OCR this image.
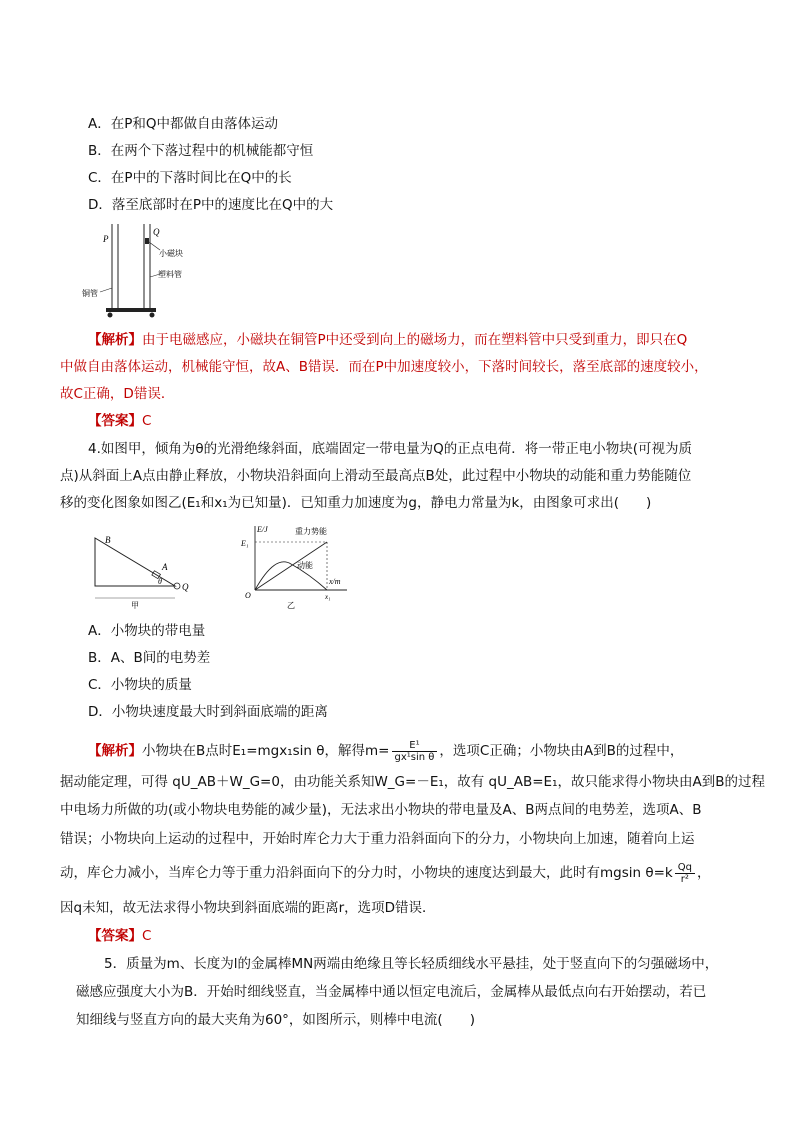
A．在P和Q中都做自由落体运动
B．在两个下落过程中的机械能都守恒
C．在P中的下落时间比在Q中的长
D．落至底部时在P中的速度比在Q中的大
P
Q
小磁块
塑料管
铜管
【解析】由于电磁感应，小磁块在铜管P中还受到向上的磁场力，而在塑料管中只受到重力，即只在Q
中做自由落体运动，机械能守恒，故A、B错误．而在P中加速度较小，下落时间较长，落至底部的速度较小，
故C正确，D错误．
【答案】C
4.如图甲，倾角为θ的光滑绝缘斜面，底端固定一带电量为Q的正点电荷．将一带正电小物块(可视为质
点)从斜面上A点由静止释放，小物块沿斜面向上滑动至最高点B处，此过程中小物块的动能和重力势能随位
移的变化图象如图乙(E₁和x₁为已知量)．已知重力加速度为g，静电力常量为k，由图象可求出(　　)
B
A
θ
Q
甲
E/J
E₁
O
重力势能
动能
x/m
x₁
乙
A．小物块的带电量
B．A、B间的电势差
C．小物块的质量
D．小物块速度最大时到斜面底端的距离
【解析】 小物块在B点时E₁=mgx₁sin θ，解得$m= \frac{\text{E¹}}{\text{gx¹sin θ}}$ ，选项C正确；小物块由A到B的过程中，
据动能定理，可得 qU_AB＋W_G=0，由功能关系知W_G=－E₁，故有 qU_AB=E₁，故只能求得小物块由A到B的过程
中电场力所做的功(或小物块电势能的减少量)，无法求出小物块的带电量及A、B两点间的电势差，选项A、B
错误；小物块向上运动的过程中，开始时库仑力大于重力沿斜面向下的分力，小物块向上加速，随着向上运
动，库仑力减小，当库仑力等于重力沿斜面向下的分力时，小物块的速度达到最大，此时有mgsin $\theta=k \frac{Qq}{\text{r²}}$ ，
因q未知，故无法求得小物块到斜面底端的距离r，选项D错误．
【答案】C
5．质量为m、长度为l的金属棒MN两端由绝缘且等长轻质细线水平悬挂，处于竖直向下的匀强磁场中，
磁感应强度大小为B．开始时细线竖直，当金属棒中通以恒定电流后，金属棒从最低点向右开始摆动，若已
知细线与竖直方向的最大夹角为60°，如图所示，则棒中电流(　　)
